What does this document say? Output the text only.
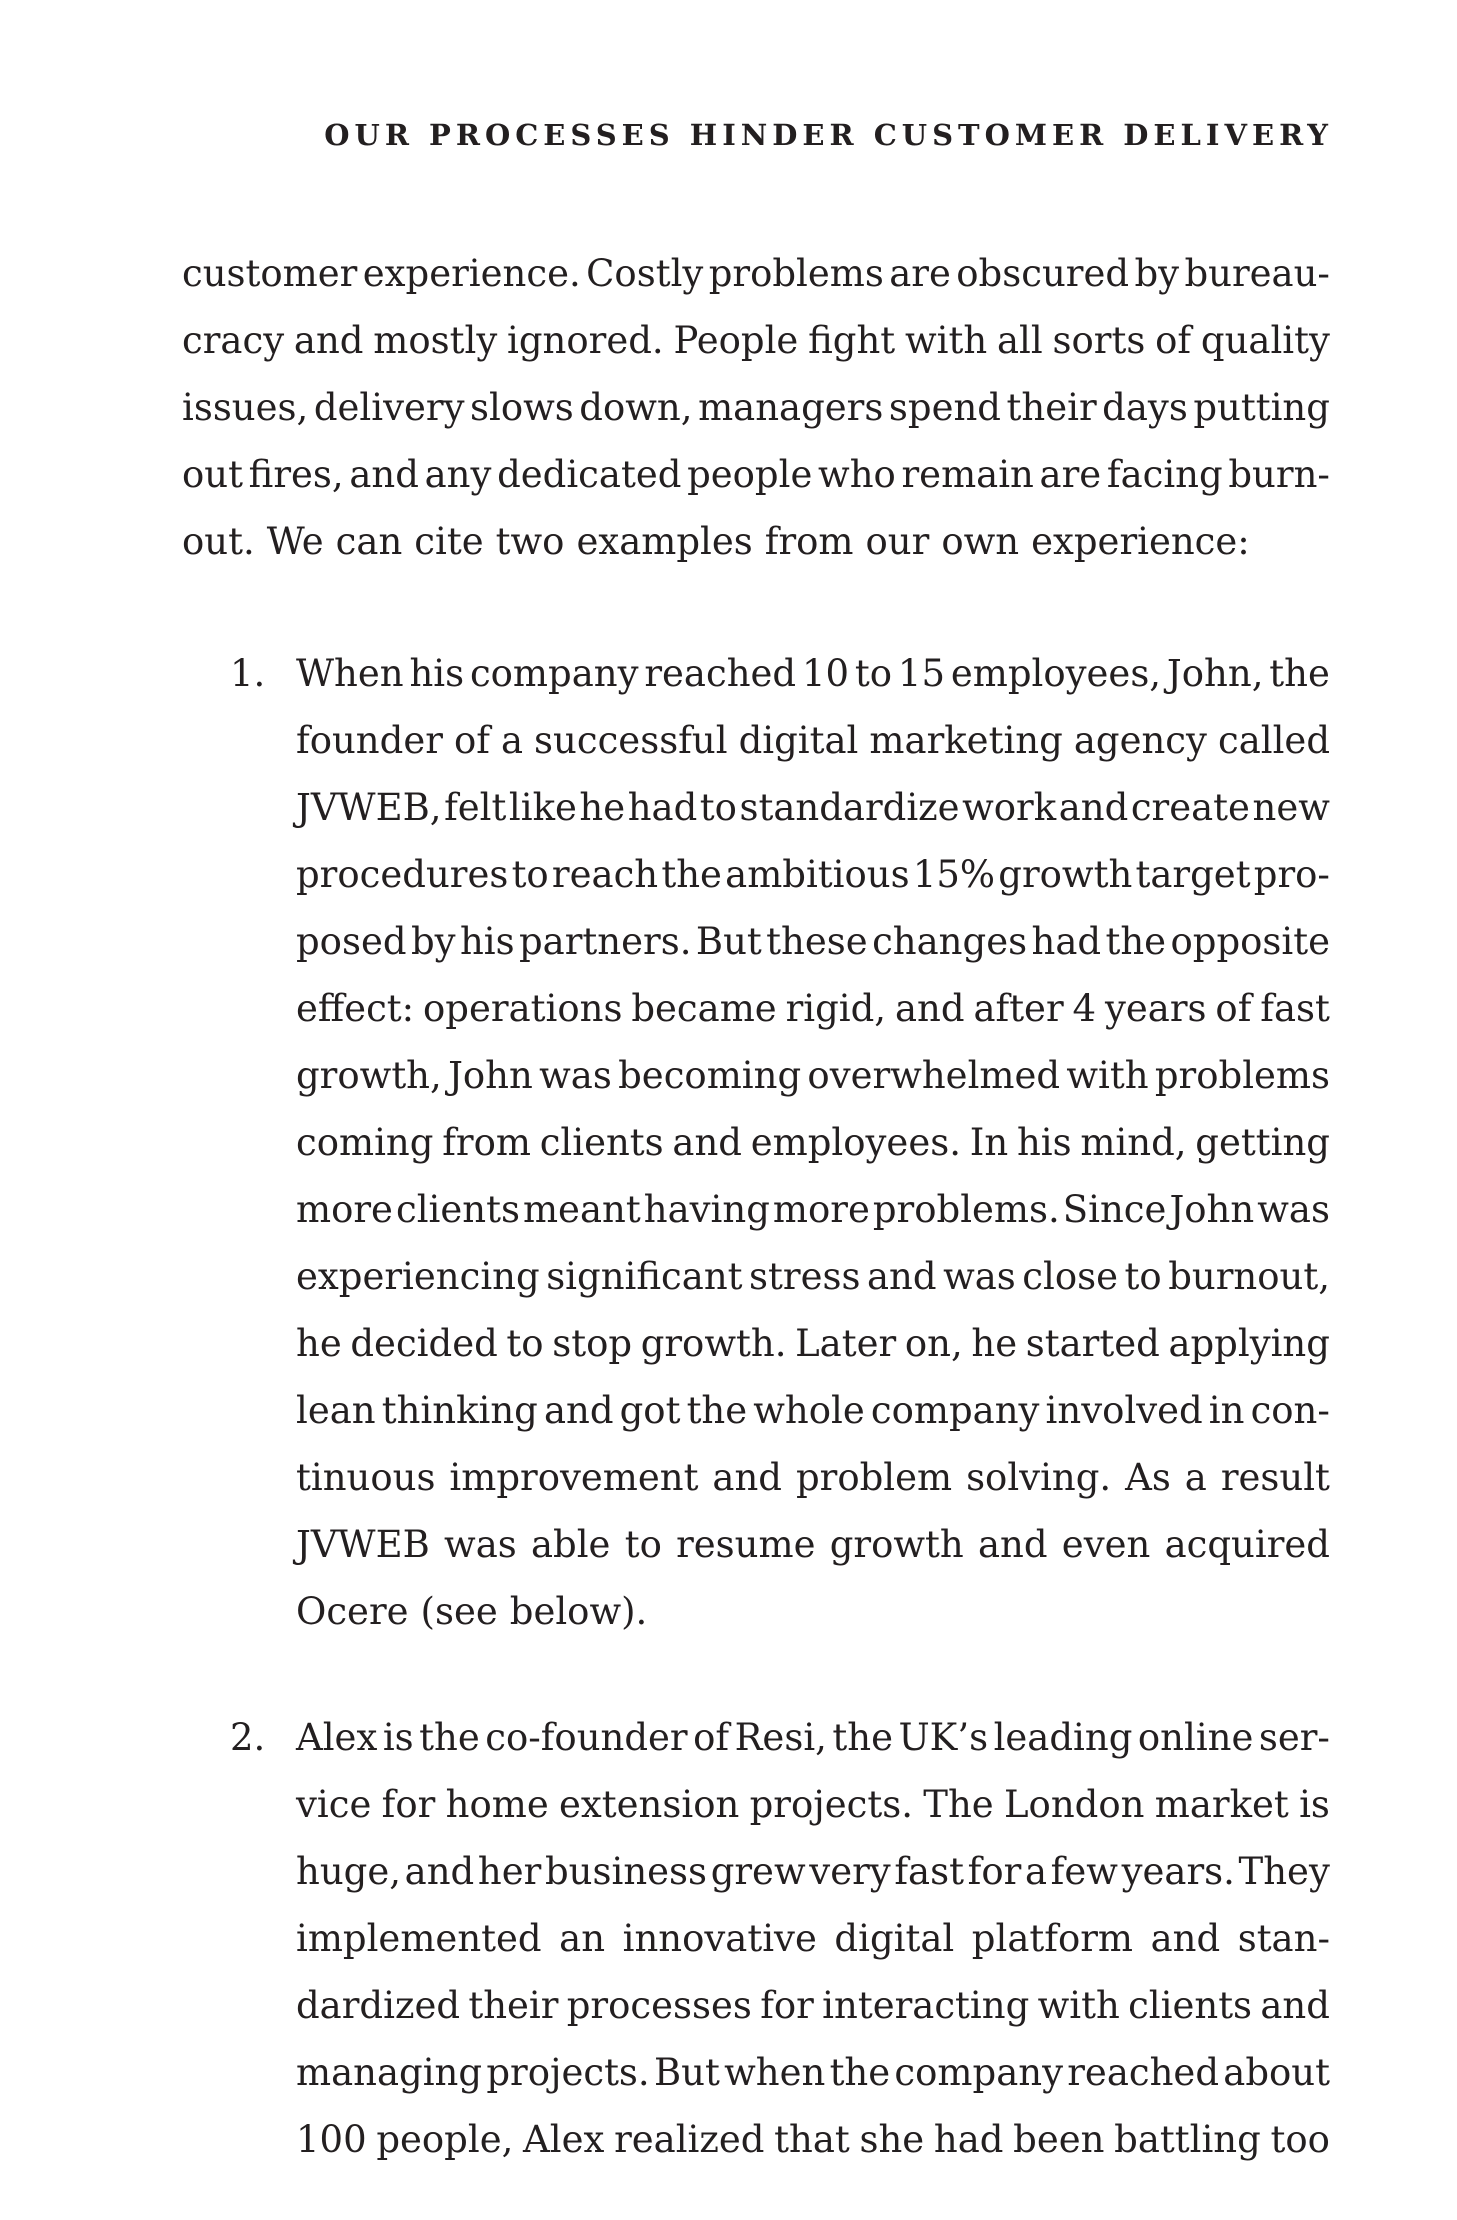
OUR PROCESSES HINDER CUSTOMER DELIVERY
customer experience. Costly problems are obscured by bureau-
cracy and mostly ignored. People fight with all sorts of quality
issues, delivery slows down, managers spend their days putting
out fires, and any dedicated people who remain are facing burn-
out. We can cite two examples from our own experience:
1. When his company reached 10 to 15 employees, John, the
founder of a successful digital marketing agency called
JVWEB, felt like he had to standardize work and create new
procedures to reach the ambitious 15% growth target pro-
posed by his partners. But these changes had the opposite
effect: operations became rigid, and after 4 years of fast
growth, John was becoming overwhelmed with problems
coming from clients and employees. In his mind, getting
more clients meant having more problems. Since John was
experiencing significant stress and was close to burnout,
he decided to stop growth. Later on, he started applying
lean thinking and got the whole company involved in con-
tinuous improvement and problem solving. As a result
JVWEB was able to resume growth and even acquired
Ocere (see below).
2. Alex is the co-founder of Resi, the UK’s leading online ser-
vice for home extension projects. The London market is
huge, and her business grew very fast for a few years. They
implemented an innovative digital platform and stan-
dardized their processes for interacting with clients and
managing projects. But when the company reached about
100 people, Alex realized that she had been battling too
